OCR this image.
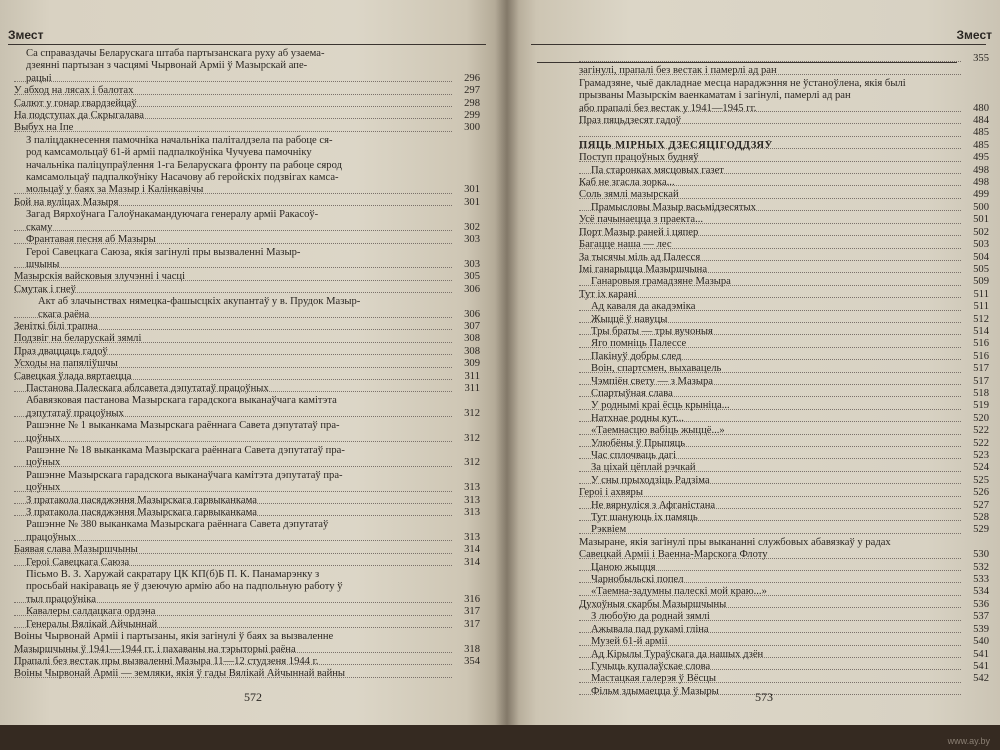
Змест
Са справаздачы Беларускага штаба партызанскага руху аб узаема-
дзеянні партызан з часцямі Чырвонай Арміі ў Мазырскай апе-
рацыі	296
У абход на лясах і балотах	297
Салют у гонар гвардзейцаў	298
На подступах да Скрыгалава	299
Выбух на Іпе	300
З паліцдакнесення памочніка начальніка паліталдзела па рабоце ся-
род камсамольцаў 61-й арміі падпалкоўніка Чучуева памочніку
начальніка паліцупраўлення 1-га Беларускага фронту па рабоце сярод
камсамольцаў падпалкоўніку Насачову аб геройскіх подзвігах камса-
мольцаў у баях за Мазыр і Калінкавічы	301
Бой на вуліцах Мазыря	301
Загад Вярхоўнага Галоўнакамандуючага генералу арміі Ракасоў-
скаму	302
Франтавая песня аб Мазыры	303
Героі Савецкага Саюза, якія загінулі пры вызваленні Мазыр-
шчыны	303
Мазырскія вайсковыя злучэнні і часці	305
Смутак і гнеў	306
Акт аб злачынствах нямецка-фашысцкіх акупантаў у в. Прудок Мазыр-
скага раёна	306
Зеніткі білі трапна	307
Подзвіг на беларускай зямлі	308
Праз дваццаць гадоў	308
Усходы на папяліўшчы	309
Савецкая ўлада вяртаецца	311
Пастанова Палескага аблсавета дэпутатаў працоўных	311
Абавязковая пастанова Мазырскага гарадскога выканаўчага камітэта
дэпутатаў працоўных	312
Рашэнне № 1 выканкама Мазырскага раённага Савета дэпутатаў пра-
цоўных	312
Рашэнне № 18 выканкама Мазырскага раённага Савета дэпутатаў пра-
цоўных	312
Рашэнне Мазырскага гарадскога выканаўчага камітэта дэпутатаў пра-
цоўных	313
З пратакола пасяджэння Мазырскага гарвыканкама	313
З пратакола пасяджэння Мазырскага гарвыканкама	313
Рашэнне № 380 выканкама Мазырскага раённага Савета дэпутатаў
працоўных	313
Баявая слава Мазыршчыны	314
Героі Савецкага Саюза	314
Пісьмо В. З. Харужай сакратару ЦК КП(б)Б П. К. Панамарэнку з
просьбай накіраваць яе ў дзеючую армію або на падпольную работу ў
тыл працоўніка	316
Кавалеры салдацкага ордэна	317
Генералы Вялікай Айчыннай	317
Воіны Чырвонай Арміі і партызаны, якія загінулі ў баях за вызваленне
Мазыршчыны ў 1941—1944 гг. і пахаваны на тэрыторыі раёна	318
Прапалі без вестак пры вызваленні Мазыра 11—12 студзеня 1944 г.	354
Воіны Чырвонай Арміі — земляки, якія ў гады Вялікай Айчыннай вайны
572
Змест
355
загінулі, прапалі без вестак і памерлі ад ран
Грамадзяне, чыё дакладнае месца нараджэння не ўстаноўлена, якія былі
прызваны Мазырскім ваенкаматам і загінулі, памерлі ад ран
або прапалі без вестак у 1941—1945 гг.	480
Праз пяцьдзесят гадоў	484
485
ПЯЦЬ МІРНЫХ ДЗЕСЯЦІГОДДЗЯЎ	485
Поступ працоўных будняў	495
Па старонках мясцовых газет	498
Каб не згасла зорка...	498
Соль зямлі мазырскай	499
Прамысловы Мазыр васьмідзесятых	500
Усё пачынаецца з праекта...	501
Порт Мазыр раней і цяпер	502
Багацце наша — лес	503
За тысячы міль ад Палесся	504
Імі ганарыцца Мазыршчына	505
Ганаровыя грамадзяне Мазыра	509
Тут іх карані	511
Ад каваля да акадэміка	511
Жыццё ў навуцы	512
Тры браты — тры вучоныя	514
Яго помніць Палессе	516
Пакінуў добры след	516
Воін, спартсмен, выхавацель	517
Чэмпіён свету — з Мазыра	517
Спартыўная слава	518
У роднымі краі ёсць крыніца...	519
Натхнае родны кут...	520
«Таемнасцю вабіць жыццё...»	522
Улюбёны ў Прыпяць	522
Час сплочваць дагі	523
За ціхай цёплай рэчкай	524
У сны прыходзіць Радзіма	525
Героі і ахвяры	526
Не вярнуліся з Афганістана	527
Тут шануюць іх памяць	528
Рэквіем	529
Мазыране, якія загінулі пры выкананні службовых абавязкаў у радах
Савецкай Арміі і Ваенна-Марскога Флоту	530
Цаною жыцця	532
Чарнобыльскі попел	533
«Таемна-задумны палескі мой краю...»	534
Духоўныя скарбы Мазыршчыны	536
З любоўю да роднай зямлі	537
Ажывала пад рукамі гліна	539
Музей 61-й арміі	540
Ад Кірылы Тураўскага да нашых дзён	541
Гучыць купалаўскае слова	541
Мастацкая галерэя ў Вёсцы	542
Фільм здымаецца ў Мазыры	573
www.ay.by
